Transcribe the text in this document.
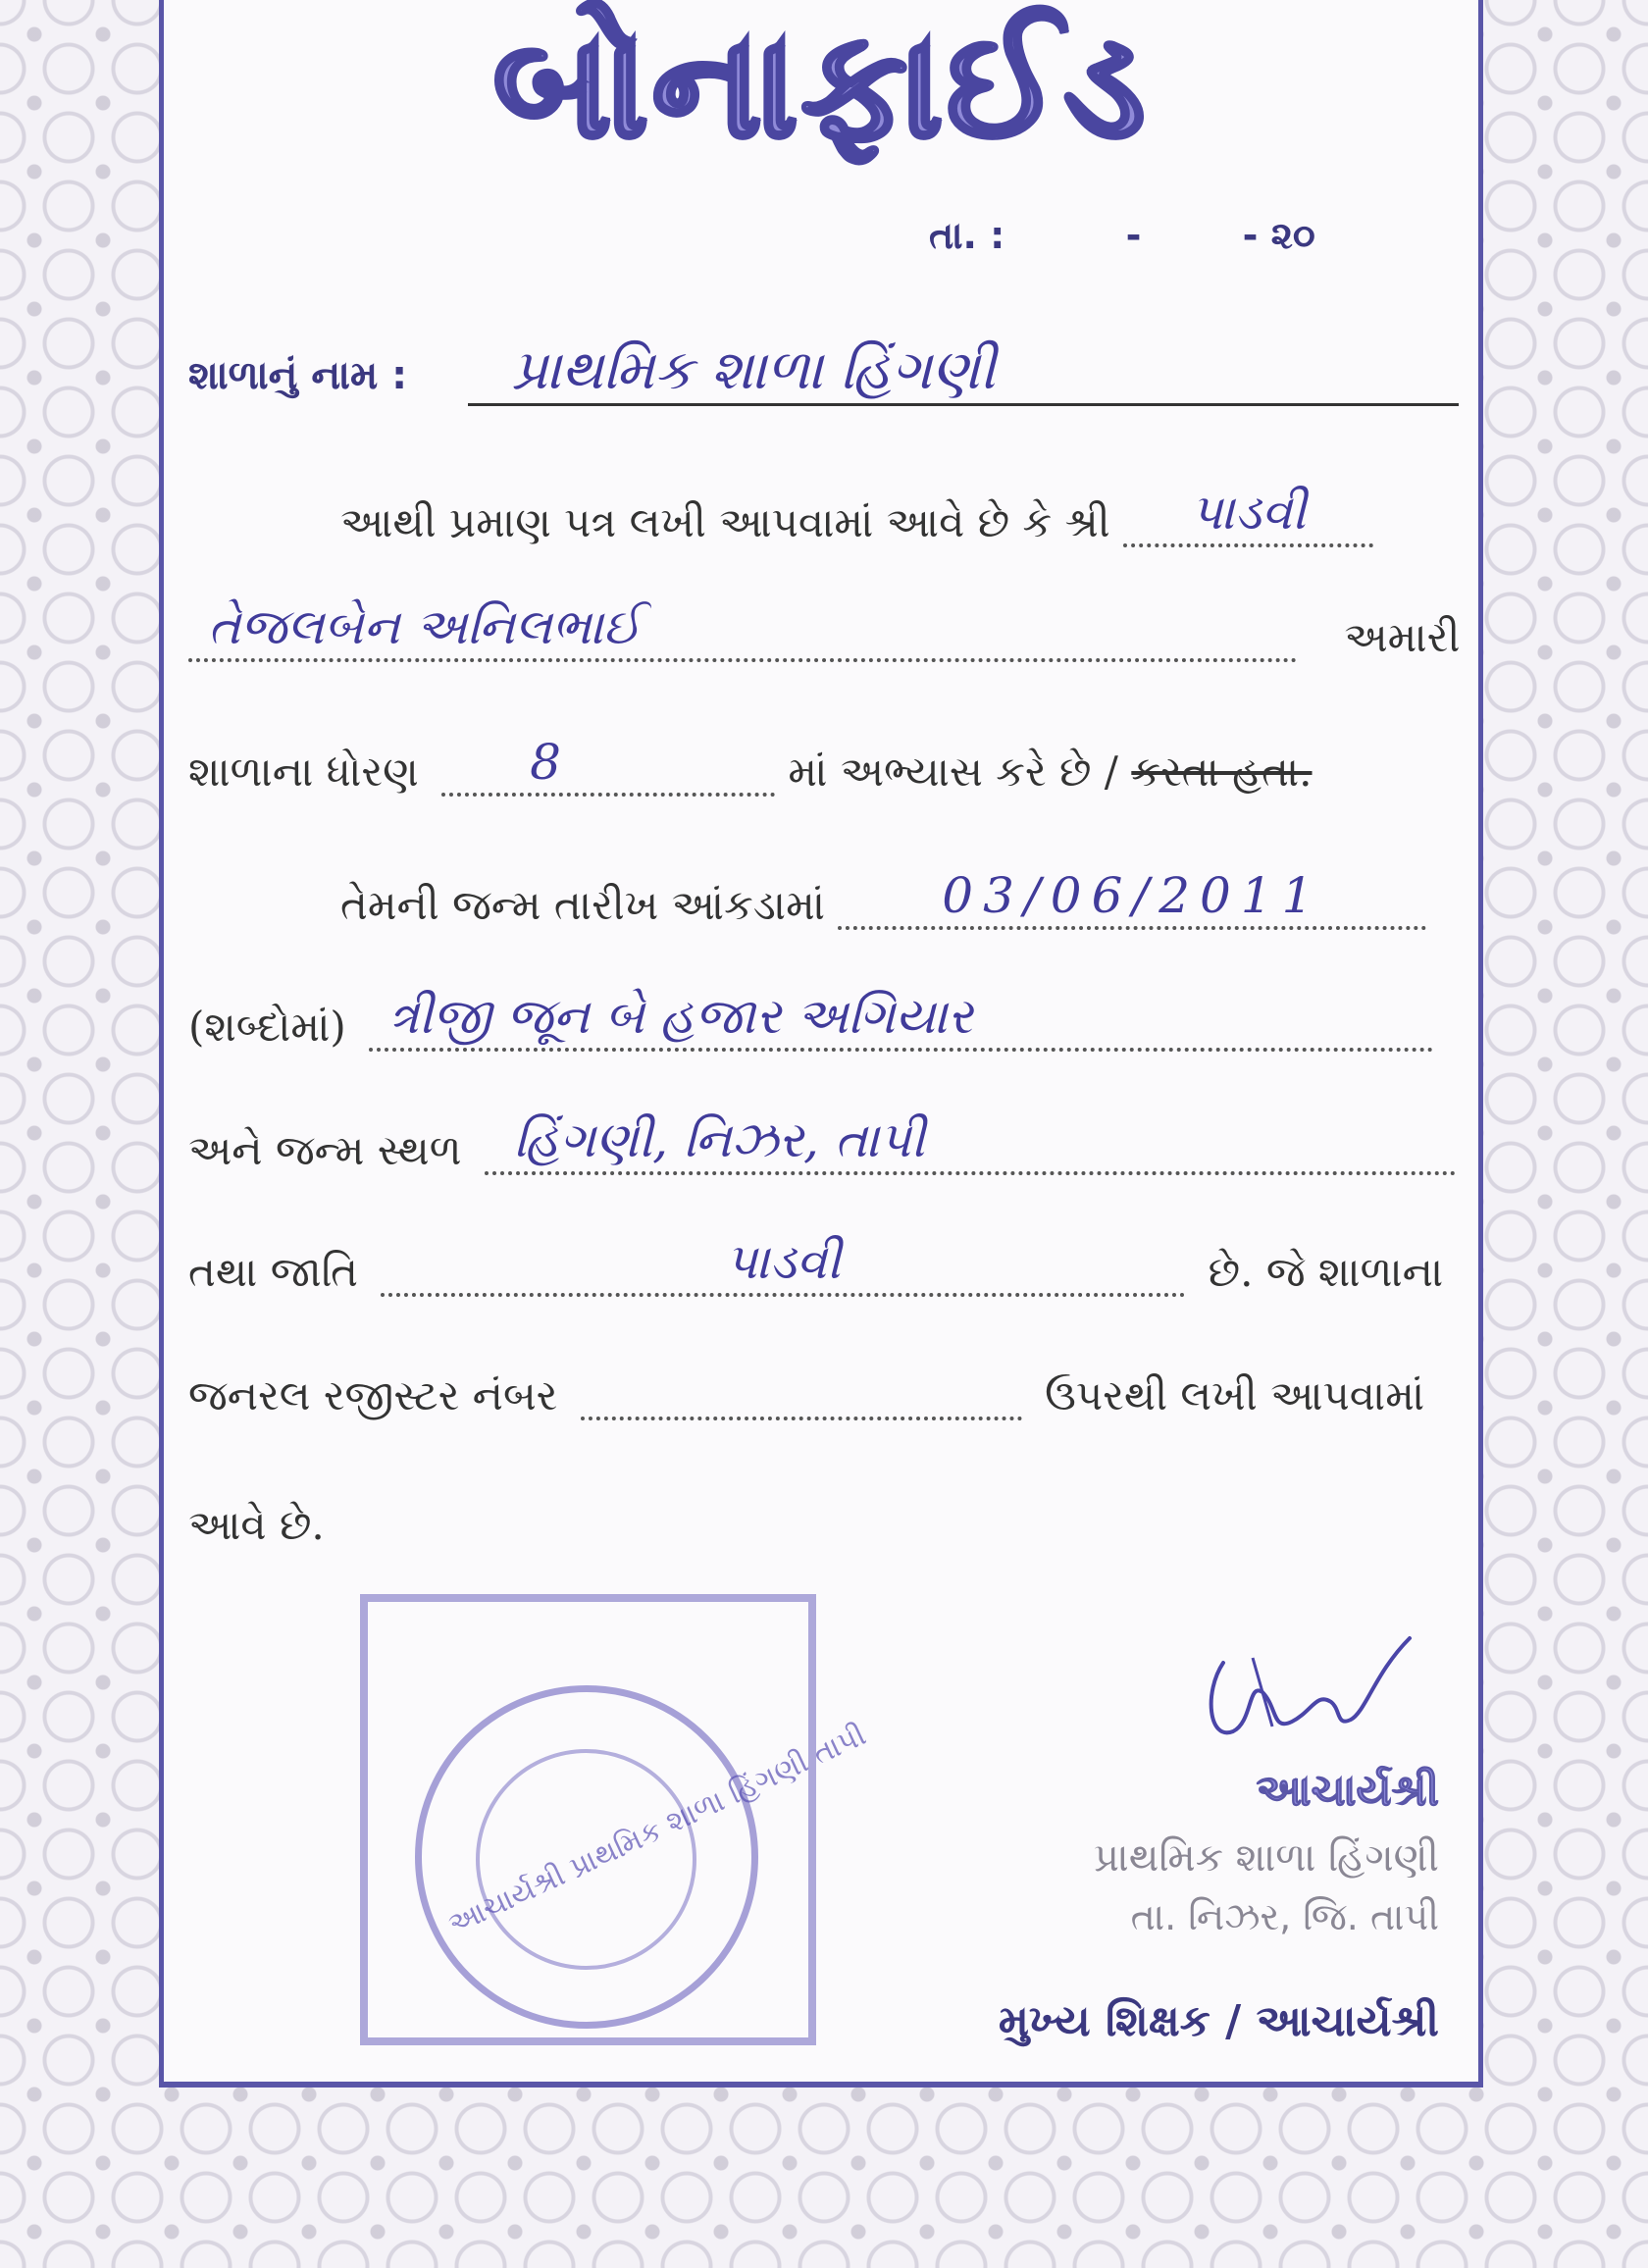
બોનાફાઈડ
તા. :	-	- ૨૦
શાળાનું નામ :	પ્રાથમિક શાળા હિંગણી
આથી પ્રમાણ પત્ર લખી આપવામાં આવે છે કે શ્રી	પાડવી
તેજલબેન અનિલભાઈ	અમારી
શાળાના ધોરણ	8	માં અભ્યાસ કરે છે / કરતા હતા.
તેમની જન્મ તારીખ આંકડામાં	03/06/2011
(શબ્દોમાં) ત્રીજી જૂન બે હજાર અગિયાર
અને જન્મ સ્થળ	હિંગણી, નિઝર, તાપી
તથા જાતિ	પાડવી	છે. જે શાળાના
જનરલ રજીસ્ટર નંબર	ઉપરથી લખી આપવામાં
આવે છે.
આચાર્યશ્રી પ્રાથમિક શાળા હિંગણી તાપી	આચાર્યશ્રી
પ્રાથમિક શાળા હિંગણી
તા. નિઝર, જિ. તાપી
મુખ્ય શિક્ષક / આચાર્યશ્રી
